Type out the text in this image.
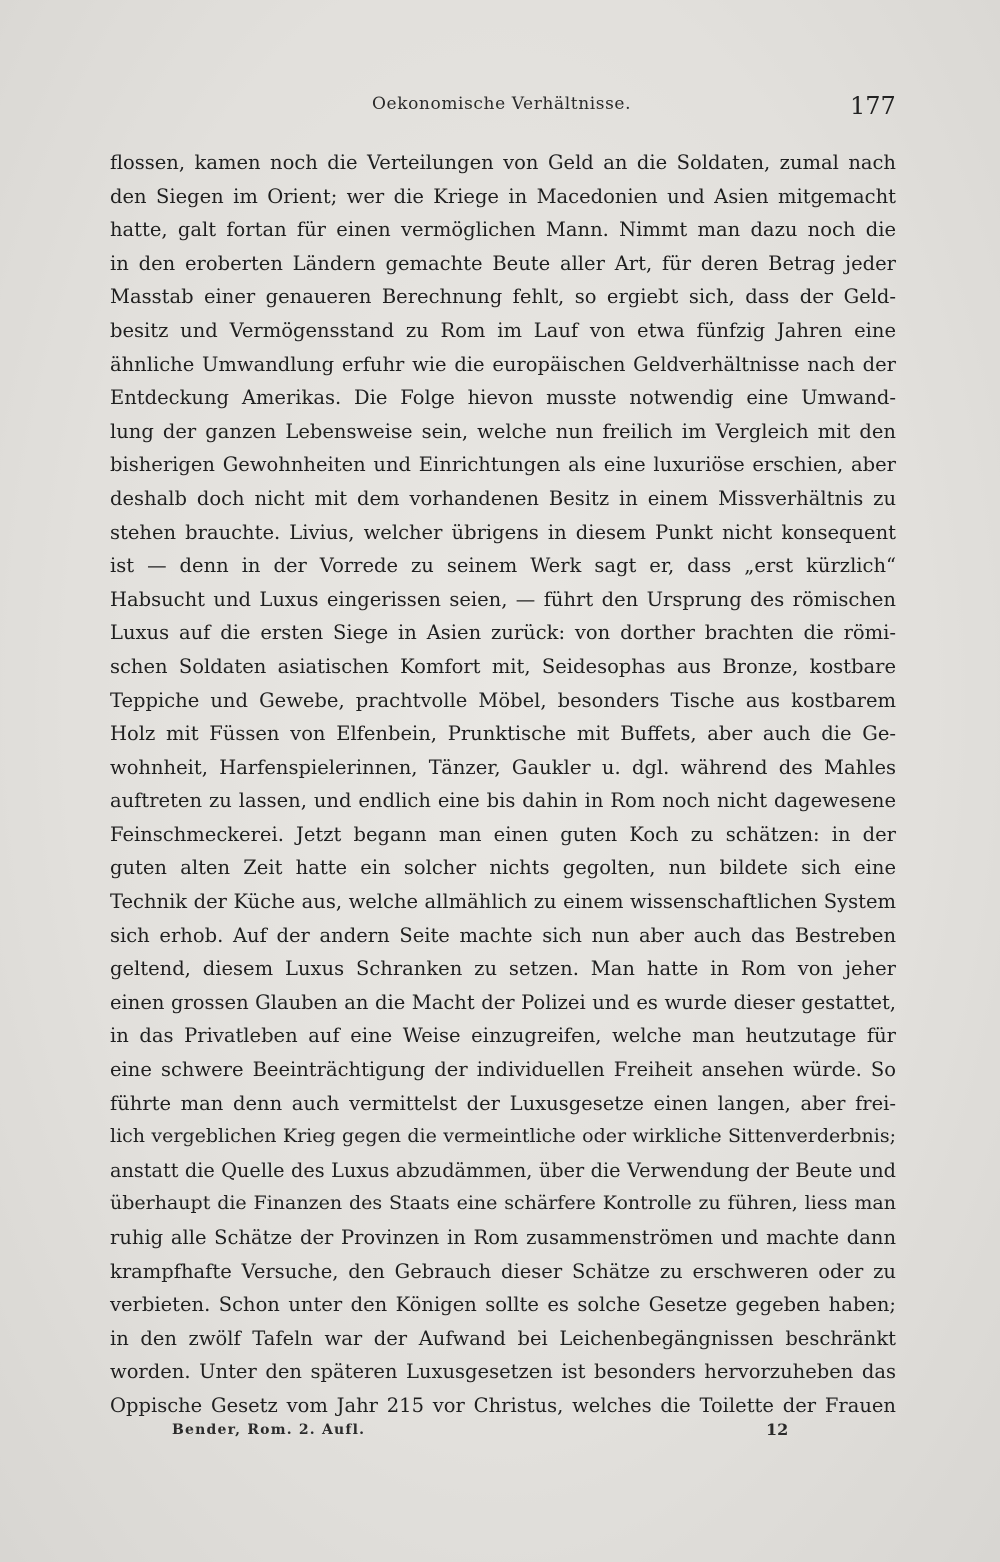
Oekonomische Verhältnisse.	177
flossen, kamen noch die Verteilungen von Geld an die Soldaten, zumal nach
den Siegen im Orient; wer die Kriege in Macedonien und Asien mitgemacht
hatte, galt fortan für einen vermöglichen Mann. Nimmt man dazu noch die
in den eroberten Ländern gemachte Beute aller Art, für deren Betrag jeder
Masstab einer genaueren Berechnung fehlt, so ergiebt sich, dass der Geld-
besitz und Vermögensstand zu Rom im Lauf von etwa fünfzig Jahren eine
ähnliche Umwandlung erfuhr wie die europäischen Geldverhältnisse nach der
Entdeckung Amerikas. Die Folge hievon musste notwendig eine Umwand-
lung der ganzen Lebensweise sein, welche nun freilich im Vergleich mit den
bisherigen Gewohnheiten und Einrichtungen als eine luxuriöse erschien, aber
deshalb doch nicht mit dem vorhandenen Besitz in einem Missverhältnis zu
stehen brauchte. Livius, welcher übrigens in diesem Punkt nicht konsequent
ist — denn in der Vorrede zu seinem Werk sagt er, dass „erst kürzlich“
Habsucht und Luxus eingerissen seien, — führt den Ursprung des römischen
Luxus auf die ersten Siege in Asien zurück: von dorther brachten die römi-
schen Soldaten asiatischen Komfort mit, Seidesophas aus Bronze, kostbare
Teppiche und Gewebe, prachtvolle Möbel, besonders Tische aus kostbarem
Holz mit Füssen von Elfenbein, Prunktische mit Buffets, aber auch die Ge-
wohnheit, Harfenspielerinnen, Tänzer, Gaukler u. dgl. während des Mahles
auftreten zu lassen, und endlich eine bis dahin in Rom noch nicht dagewesene
Feinschmeckerei. Jetzt begann man einen guten Koch zu schätzen: in der
guten alten Zeit hatte ein solcher nichts gegolten, nun bildete sich eine
Technik der Küche aus, welche allmählich zu einem wissenschaftlichen System
sich erhob. Auf der andern Seite machte sich nun aber auch das Bestreben
geltend, diesem Luxus Schranken zu setzen. Man hatte in Rom von jeher
einen grossen Glauben an die Macht der Polizei und es wurde dieser gestattet,
in das Privatleben auf eine Weise einzugreifen, welche man heutzutage für
eine schwere Beeinträchtigung der individuellen Freiheit ansehen würde. So
führte man denn auch vermittelst der Luxusgesetze einen langen, aber frei-
lich vergeblichen Krieg gegen die vermeintliche oder wirkliche Sittenverderbnis;
anstatt die Quelle des Luxus abzudämmen, über die Verwendung der Beute und
überhaupt die Finanzen des Staats eine schärfere Kontrolle zu führen, liess man
ruhig alle Schätze der Provinzen in Rom zusammenströmen und machte dann
krampfhafte Versuche, den Gebrauch dieser Schätze zu erschweren oder zu
verbieten. Schon unter den Königen sollte es solche Gesetze gegeben haben;
in den zwölf Tafeln war der Aufwand bei Leichenbegängnissen beschränkt
worden. Unter den späteren Luxusgesetzen ist besonders hervorzuheben das
Oppische Gesetz vom Jahr 215 vor Christus, welches die Toilette der Frauen
Bender, Rom. 2. Aufl.	12
